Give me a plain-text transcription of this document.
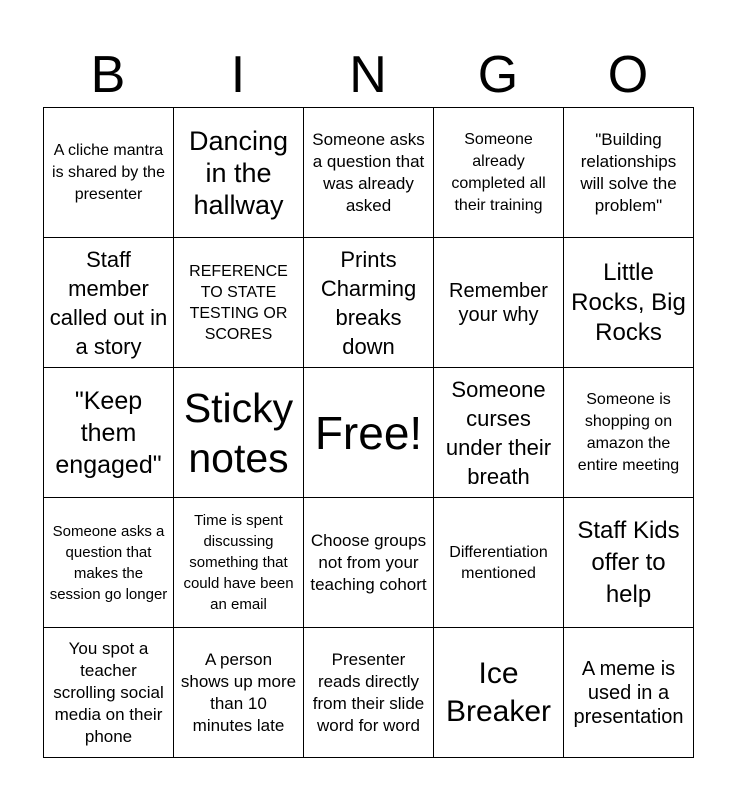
B	I	N	G	O
A cliche mantra is shared by the presenter
Dancing in the hallway
Someone asks a question that was already asked
Someone already completed all their training
"Building relationships will solve the problem"
Staff member called out in a story
REFERENCE TO STATE TESTING OR SCORES
Prints Charming breaks down
Remember your why
Little Rocks, Big Rocks
"Keep them engaged"
Sticky notes Free!
Someone curses under their breath
Someone is shopping on amazon the entire meeting
Someone asks a question that makes the session go longer
Time is spent discussing something that could have been an email
Choose groups not from your teaching cohort
Differentiation mentioned
Staff Kids offer to help
You spot a teacher scrolling social media on their phone
A person shows up more than 10 minutes late
Presenter reads directly from their slide word for word
Ice Breaker
A meme is used in a presentation
